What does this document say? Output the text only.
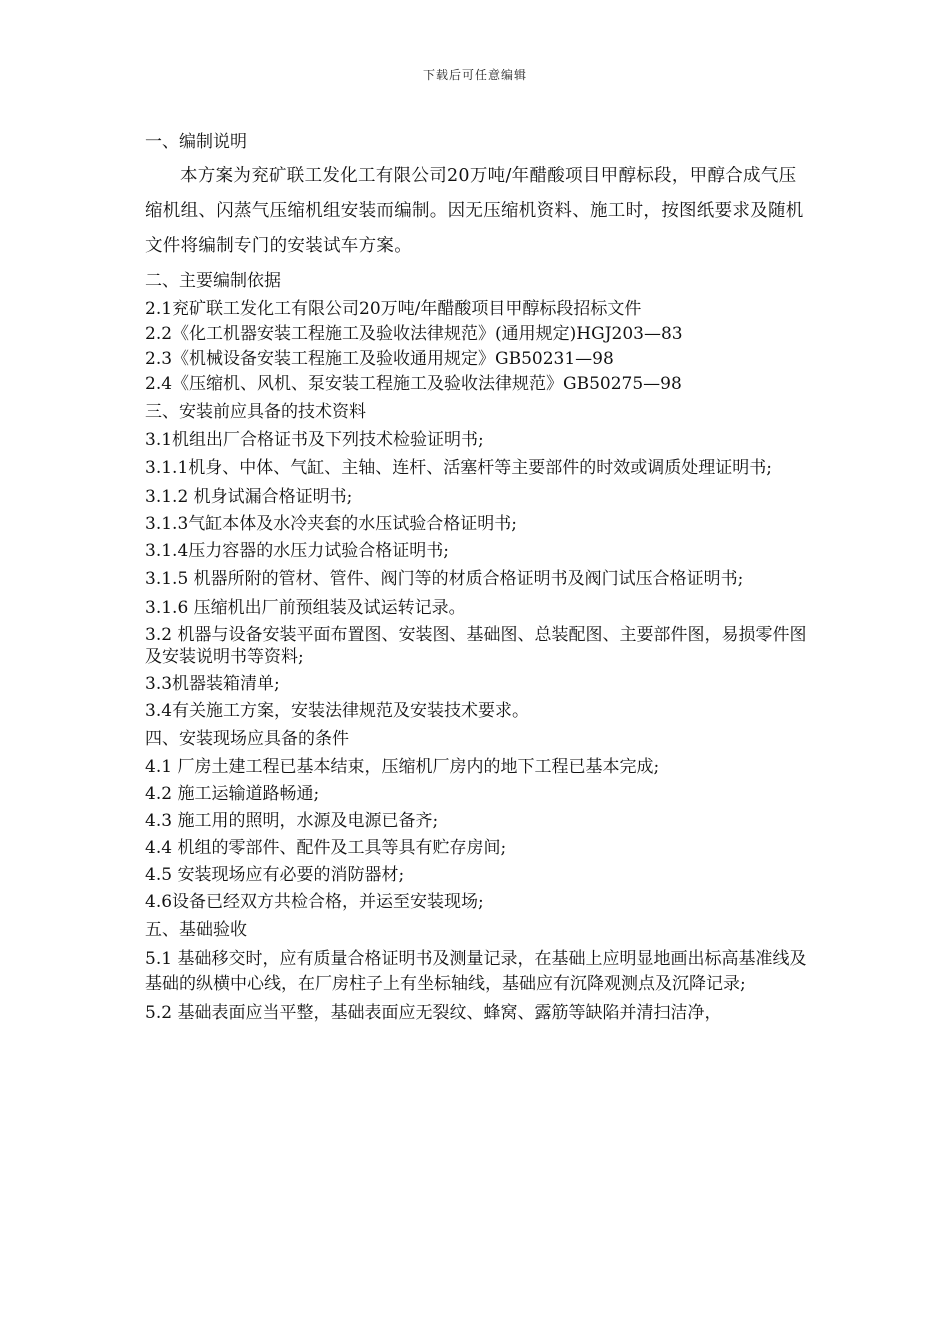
下载后可任意编辑
一、编制说明

本方案为兖矿联工发化工有限公司20万吨/年醋酸项目甲醇标段，甲醇合成气压缩机组、闪蒸气压缩机组安装而编制。因无压缩机资料、施工时，按图纸要求及随机文件将编制专门的安装试车方案。

二、主要编制依据
2.1兖矿联工发化工有限公司20万吨/年醋酸项目甲醇标段招标文件
2.2《化工机器安装工程施工及验收法律规范》(通用规定)HGJ203—83
2.3《机械设备安装工程施工及验收通用规定》GB50231—98
2.4《压缩机、风机、泵安装工程施工及验收法律规范》GB50275—98
三、安装前应具备的技术资料
3.1机组出厂合格证书及下列技术检验证明书;
3.1.1机身、中体、气缸、主轴、连杆、活塞杆等主要部件的时效或调质处理证明书;
3.1.2 机身试漏合格证明书;
3.1.3气缸本体及水冷夹套的水压试验合格证明书;
3.1.4压力容器的水压力试验合格证明书;
3.1.5 机器所附的管材、管件、阀门等的材质合格证明书及阀门试压合格证明书;
3.1.6 压缩机出厂前预组装及试运转记录。
3.2 机器与设备安装平面布置图、安装图、基础图、总装配图、主要部件图，易损零件图及安装说明书等资料;
3.3机器装箱清单;
3.4有关施工方案，安装法律规范及安装技术要求。
四、安装现场应具备的条件
4.1 厂房土建工程已基本结束，压缩机厂房内的地下工程已基本完成;
4.2 施工运输道路畅通;
4.3 施工用的照明，水源及电源已备齐;
4.4 机组的零部件、配件及工具等具有贮存房间;
4.5 安装现场应有必要的消防器材;
4.6设备已经双方共检合格，并运至安装现场;
五、基础验收
5.1 基础移交时，应有质量合格证明书及测量记录，在基础上应明显地画出标高基准线及基础的纵横中心线，在厂房柱子上有坐标轴线，基础应有沉降观测点及沉降记录;
5.2 基础表面应当平整，基础表面应无裂纹、蜂窝、露筋等缺陷并清扫洁净，
